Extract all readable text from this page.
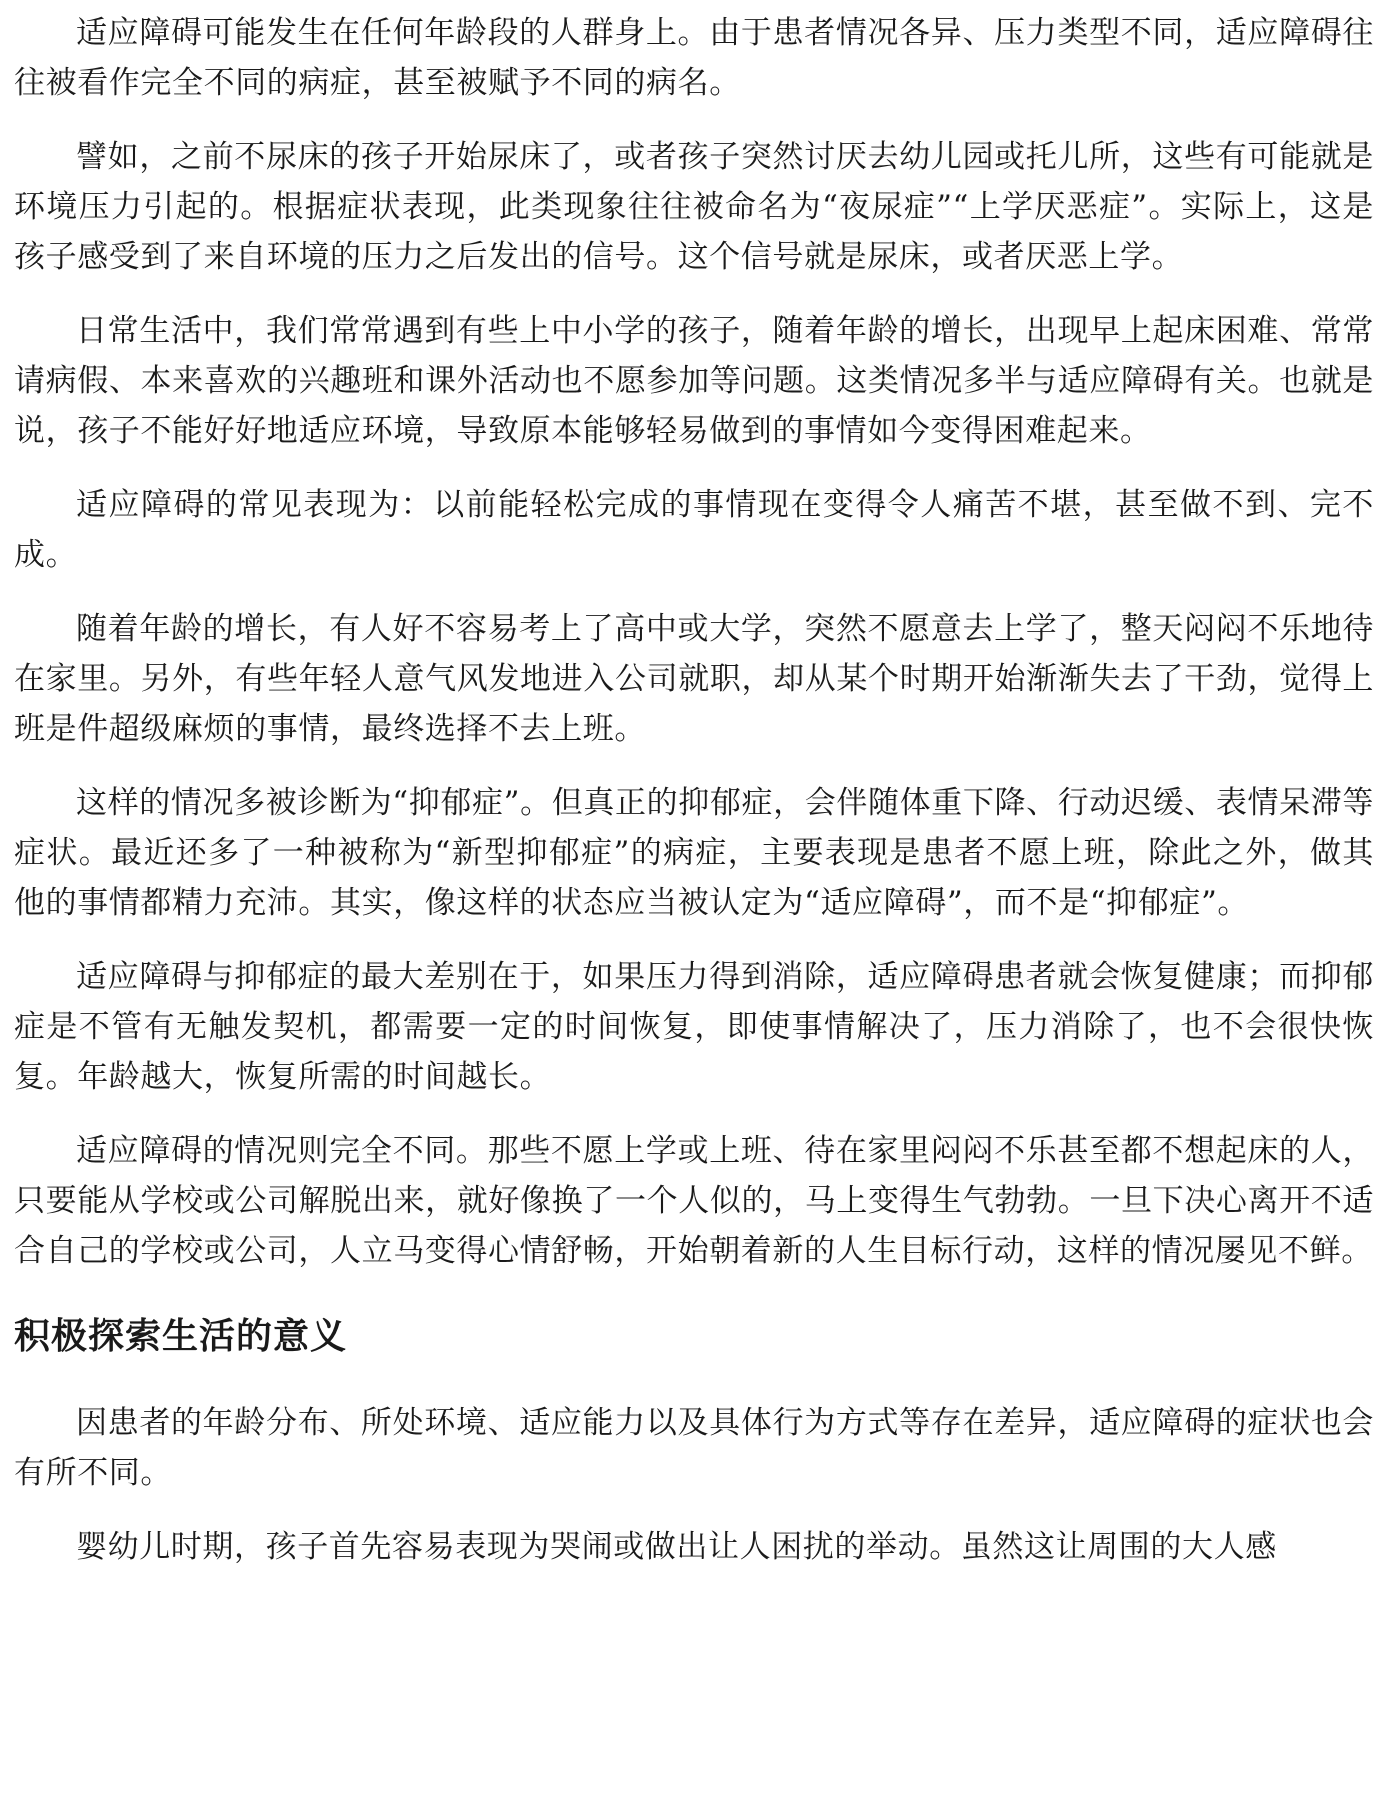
适应障碍可能发生在任何年龄段的人群身上。由于患者情况各异、压力类型不同，适应障碍往往被看作完全不同的病症，甚至被赋予不同的病名。

譬如，之前不尿床的孩子开始尿床了，或者孩子突然讨厌去幼儿园或托儿所，这些有可能就是环境压力引起的。根据症状表现，此类现象往往被命名为“夜尿症”“上学厌恶症”。实际上，这是孩子感受到了来自环境的压力之后发出的信号。这个信号就是尿床，或者厌恶上学。

日常生活中，我们常常遇到有些上中小学的孩子，随着年龄的增长，出现早上起床困难、常常请病假、本来喜欢的兴趣班和课外活动也不愿参加等问题。这类情况多半与适应障碍有关。也就是说，孩子不能好好地适应环境，导致原本能够轻易做到的事情如今变得困难起来。

适应障碍的常见表现为：以前能轻松完成的事情现在变得令人痛苦不堪，甚至做不到、完不成。

随着年龄的增长，有人好不容易考上了高中或大学，突然不愿意去上学了，整天闷闷不乐地待在家里。另外，有些年轻人意气风发地进入公司就职，却从某个时期开始渐渐失去了干劲，觉得上班是件超级麻烦的事情，最终选择不去上班。

这样的情况多被诊断为“抑郁症”。但真正的抑郁症，会伴随体重下降、行动迟缓、表情呆滞等症状。最近还多了一种被称为“新型抑郁症”的病症，主要表现是患者不愿上班，除此之外，做其他的事情都精力充沛。其实，像这样的状态应当被认定为“适应障碍”，而不是“抑郁症”。

适应障碍与抑郁症的最大差别在于，如果压力得到消除，适应障碍患者就会恢复健康；而抑郁症是不管有无触发契机，都需要一定的时间恢复，即使事情解决了，压力消除了，也不会很快恢复。年龄越大，恢复所需的时间越长。

适应障碍的情况则完全不同。那些不愿上学或上班、待在家里闷闷不乐甚至都不想起床的人，只要能从学校或公司解脱出来，就好像换了一个人似的，马上变得生气勃勃。一旦下决心离开不适合自己的学校或公司，人立马变得心情舒畅，开始朝着新的人生目标行动，这样的情况屡见不鲜。

积极探索生活的意义

因患者的年龄分布、所处环境、适应能力以及具体行为方式等存在差异，适应障碍的症状也会有所不同。

婴幼儿时期，孩子首先容易表现为哭闹或做出让人困扰的举动。虽然这让周围的大人感
